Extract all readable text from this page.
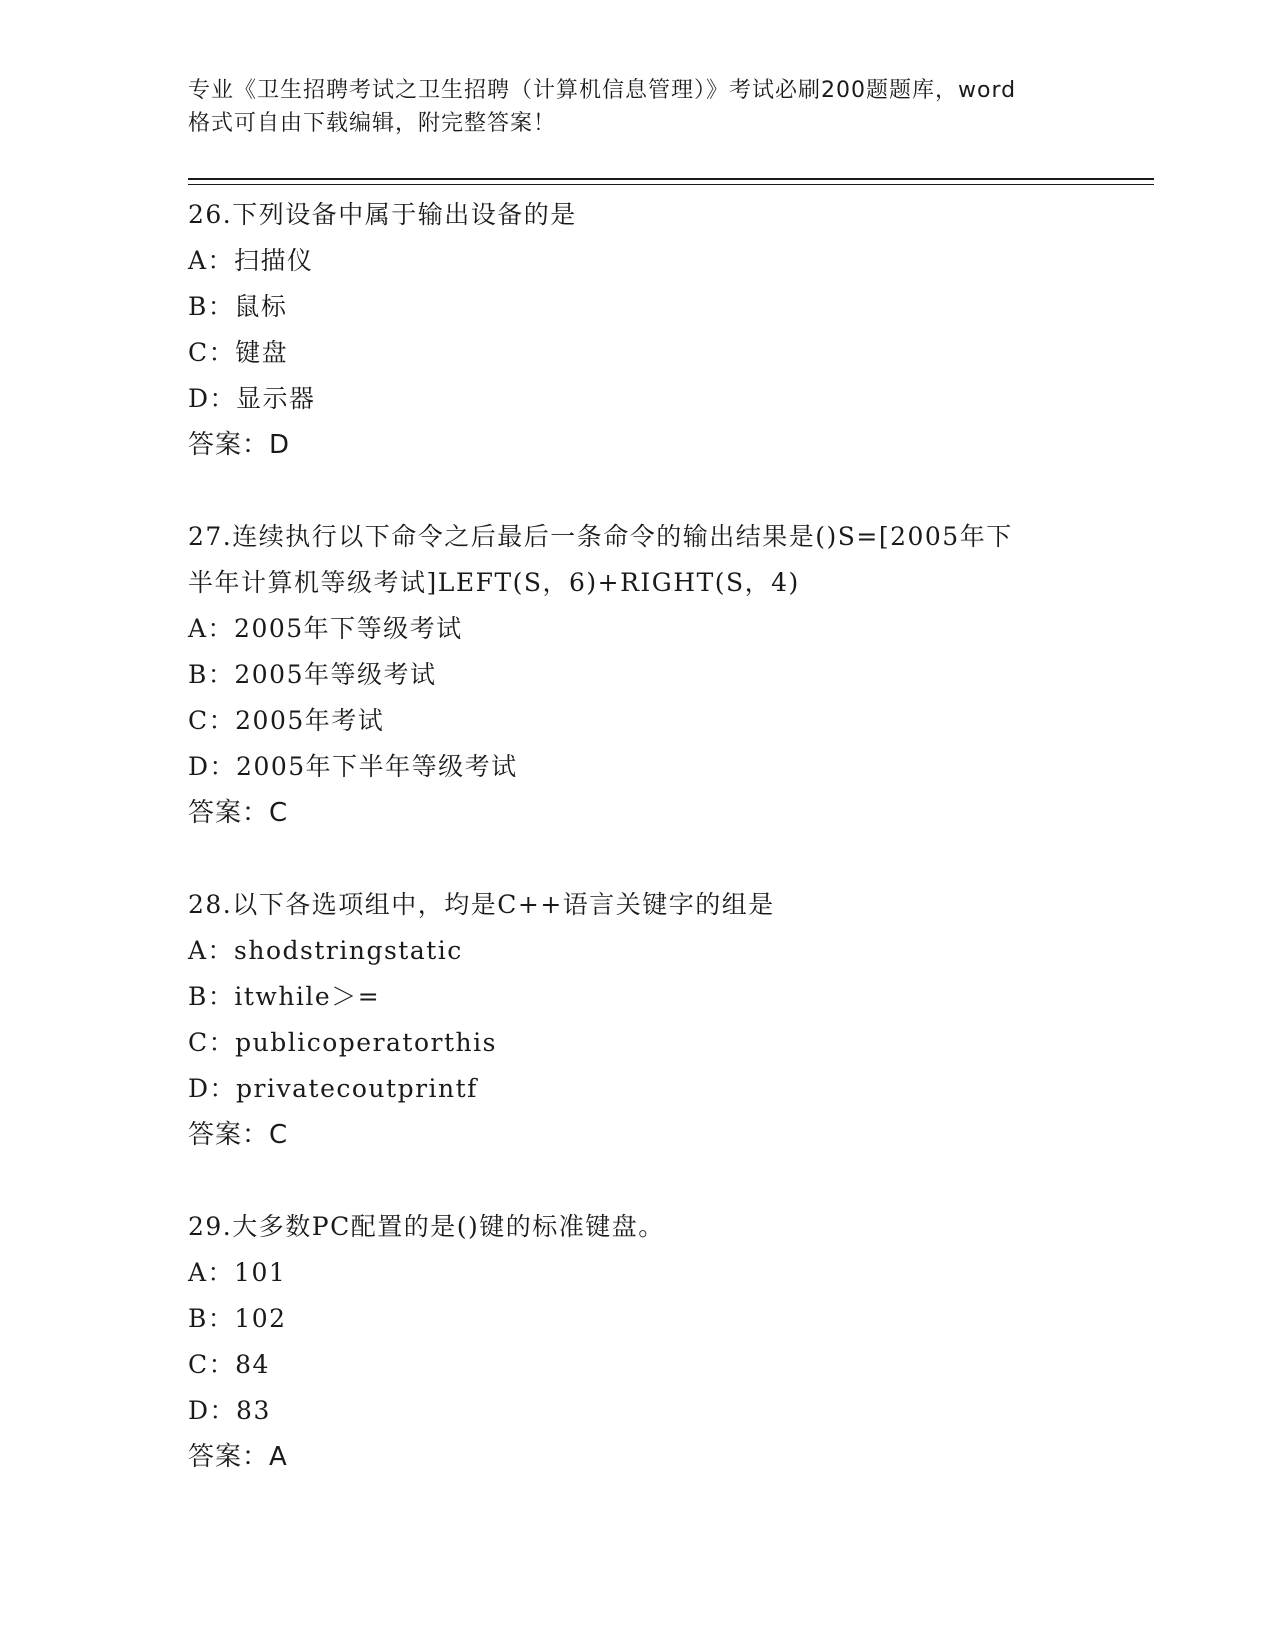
专业《卫生招聘考试之卫生招聘（计算机信息管理）》考试必刷200题题库，word
格式可自由下载编辑，附完整答案！
26.下列设备中属于输出设备的是
A：扫描仪
B：鼠标
C：键盘
D：显示器
答案：D
27.连续执行以下命令之后最后一条命令的输出结果是()S=[2005年下
半年计算机等级考试]LEFT(S，6)+RIGHT(S，4)
A：2005年下等级考试
B：2005年等级考试
C：2005年考试
D：2005年下半年等级考试
答案：C
28.以下各选项组中，均是C++语言关键字的组是
A：shodstringstatic
B：itwhile＞=
C：publicoperatorthis
D：privatecoutprintf
答案：C
29.大多数PC配置的是()键的标准键盘。
A：101
B：102
C：84
D：83
答案：A
